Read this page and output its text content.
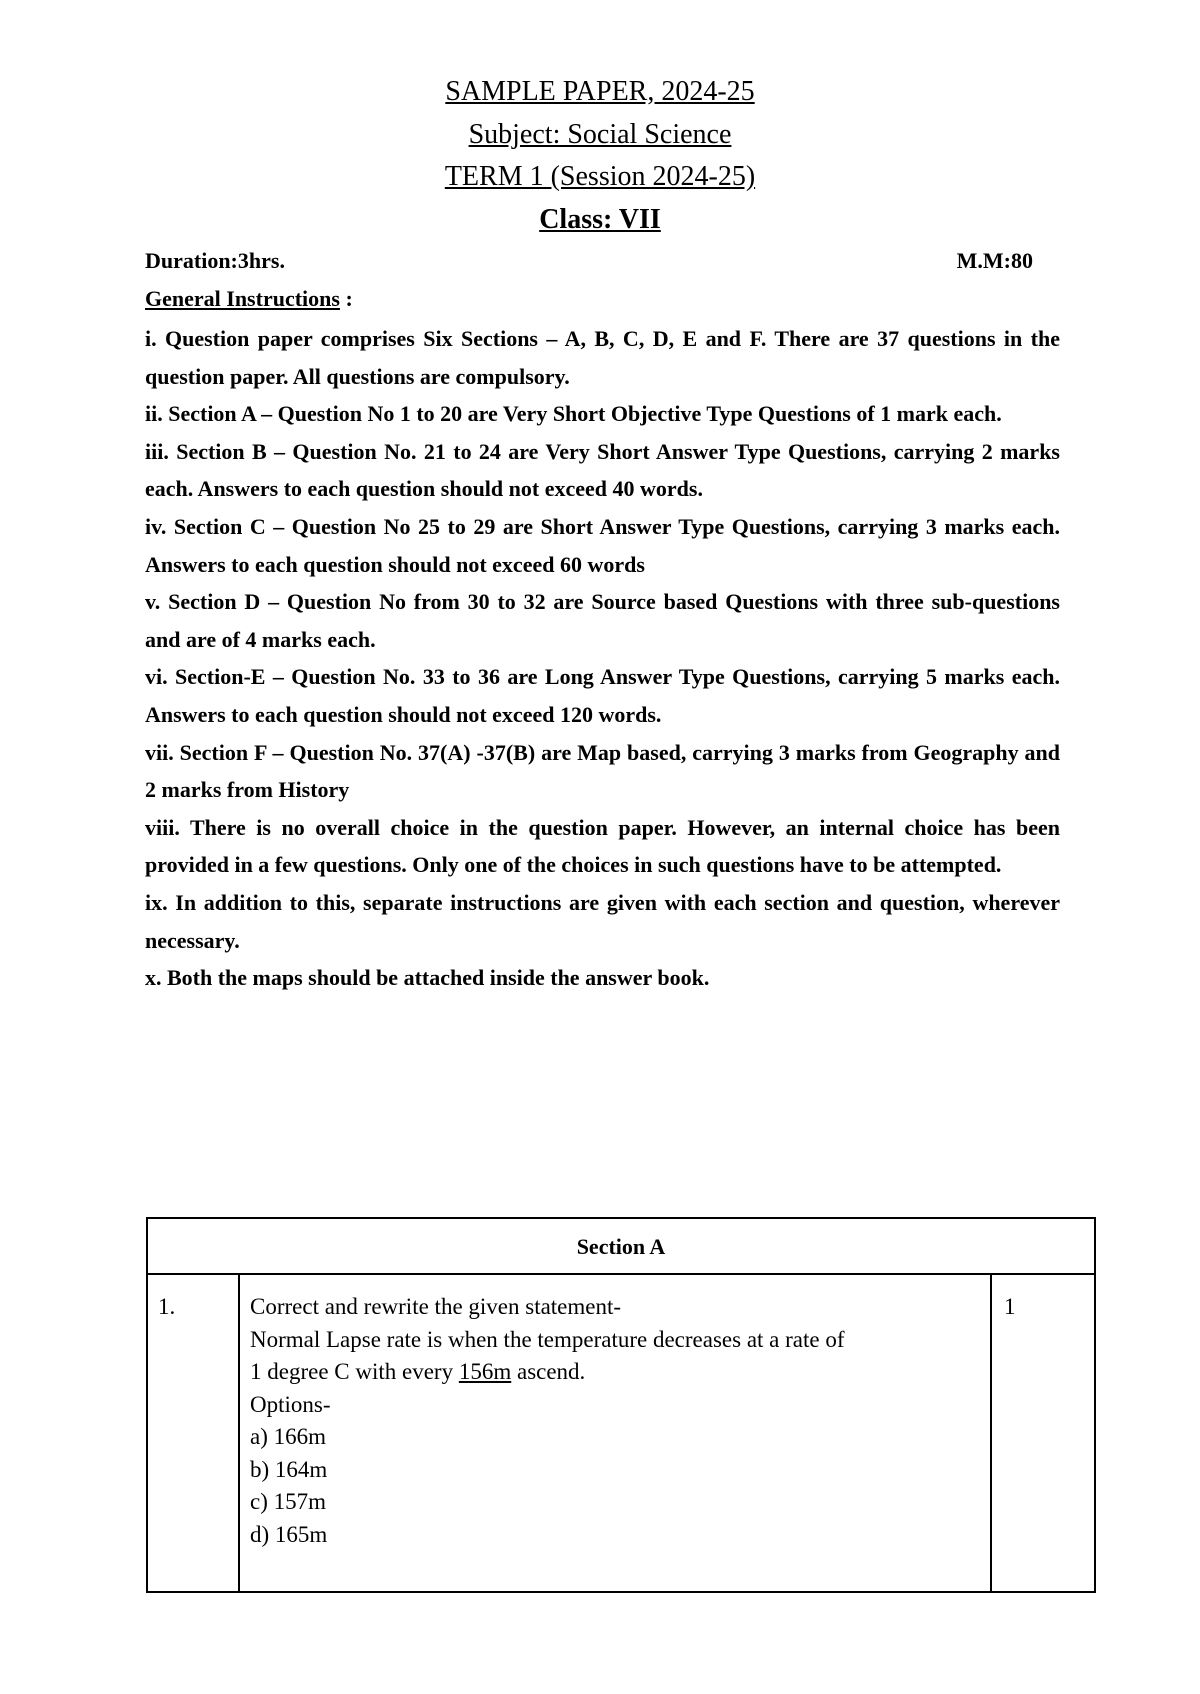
SAMPLE PAPER, 2024-25
Subject: Social Science
TERM 1 (Session 2024-25)
Class: VII
Duration:3hrs.	M.M:80
General Instructions :

i. Question paper comprises Six Sections – A, B, C, D, E and F. There are 37 questions in the question paper. All questions are compulsory.

ii. Section A – Question No 1 to 20 are Very Short Objective Type Questions of 1 mark each.

iii. Section B – Question No. 21 to 24 are Very Short Answer Type Questions, carrying 2 marks each. Answers to each question should not exceed 40 words.

iv. Section C – Question No 25 to 29 are Short Answer Type Questions, carrying 3 marks each. Answers to each question should not exceed 60 words

v. Section D – Question No from 30 to 32 are Source based Questions with three sub-questions and are of 4 marks each.

vi. Section-E – Question No. 33 to 36 are Long Answer Type Questions, carrying 5 marks each. Answers to each question should not exceed 120 words.

vii. Section F – Question No. 37(A) -37(B) are Map based, carrying 3 marks from Geography and 2 marks from History

viii. There is no overall choice in the question paper. However, an internal choice has been provided in a few questions. Only one of the choices in such questions have to be attempted.

ix. In addition to this, separate instructions are given with each section and question, wherever necessary.

x. Both the maps should be attached inside the answer book.

Section A
1.	Correct and rewrite the given statement-
Normal Lapse rate is when the temperature decreases at a rate of
1 degree C with every 156m ascend.
Options-
a) 166m
b) 164m
c) 157m
d) 165m
1
